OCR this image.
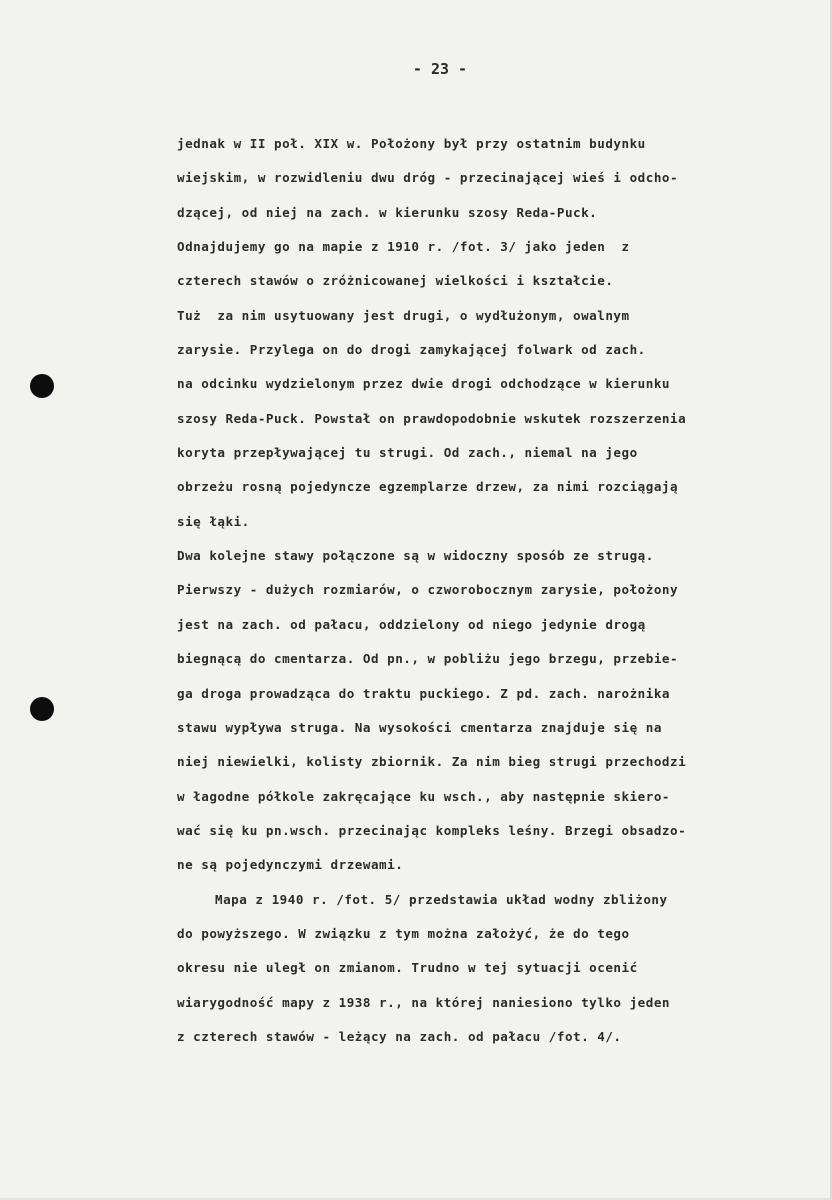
- 23 -
jednak w II poł. XIX w. Położony był przy ostatnim budynku
wiejskim, w rozwidleniu dwu dróg - przecinającej wieś i odcho-
dzącej, od niej na zach. w kierunku szosy Reda-Puck.
Odnajdujemy go na mapie z 1910 r. /fot. 3/ jako jeden  z
czterech stawów o zróżnicowanej wielkości i kształcie.
Tuż  za nim usytuowany jest drugi, o wydłużonym, owalnym
zarysie. Przylega on do drogi zamykającej folwark od zach.
na odcinku wydzielonym przez dwie drogi odchodzące w kierunku
szosy Reda-Puck. Powstał on prawdopodobnie wskutek rozszerzenia
koryta przepływającej tu strugi. Od zach., niemal na jego
obrzeżu rosną pojedyncze egzemplarze drzew, za nimi rozciągają
się łąki.
Dwa kolejne stawy połączone są w widoczny sposób ze strugą.
Pierwszy - dużych rozmiarów, o czworobocznym zarysie, położony
jest na zach. od pałacu, oddzielony od niego jedynie drogą
biegnącą do cmentarza. Od pn., w pobliżu jego brzegu, przebie-
ga droga prowadząca do traktu puckiego. Z pd. zach. narożnika
stawu wypływa struga. Na wysokości cmentarza znajduje się na
niej niewielki, kolisty zbiornik. Za nim bieg strugi przechodzi
w łagodne półkole zakręcające ku wsch., aby następnie skiero-
wać się ku pn.wsch. przecinając kompleks leśny. Brzegi obsadzo-
ne są pojedynczymi drzewami.
Mapa z 1940 r. /fot. 5/ przedstawia układ wodny zbliżony
do powyższego. W związku z tym można założyć, że do tego
okresu nie uległ on zmianom. Trudno w tej sytuacji ocenić
wiarygodność mapy z 1938 r., na której naniesiono tylko jeden
z czterech stawów - leżący na zach. od pałacu /fot. 4/.
